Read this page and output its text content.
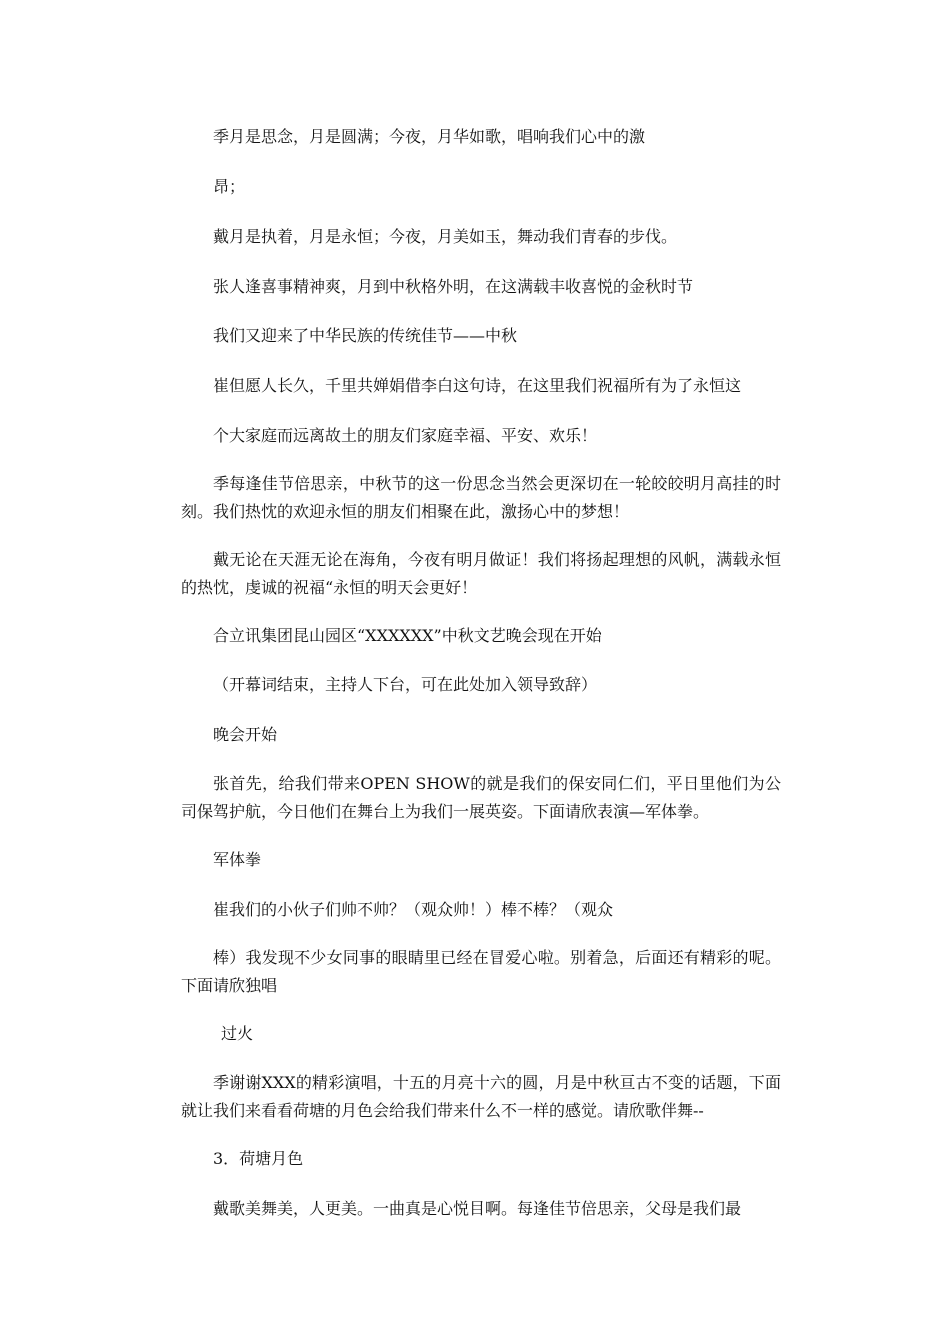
季月是思念，月是圆满；今夜，月华如歌，唱响我们心中的激

昂；

戴月是执着，月是永恒；今夜，月美如玉，舞动我们青春的步伐。

张人逢喜事精神爽，月到中秋格外明，在这满载丰收喜悦的金秋时节

我们又迎来了中华民族的传统佳节——中秋

崔但愿人长久，千里共婵娟借李白这句诗，在这里我们祝福所有为了永恒这

个大家庭而远离故土的朋友们家庭幸福、平安、欢乐！

季每逢佳节倍思亲，中秋节的这一份思念当然会更深切在一轮皎皎明月高挂的时刻。我们热忱的欢迎永恒的朋友们相聚在此，激扬心中的梦想！

戴无论在天涯无论在海角，今夜有明月做证！我们将扬起理想的风帆，满载永恒的热忱，虔诚的祝福“永恒的明天会更好！

合立讯集团昆山园区“XXXXXX”中秋文艺晚会现在开始

（开幕词结束，主持人下台，可在此处加入领导致辞）

晚会开始

张首先，给我们带来OPEN SHOW的就是我们的保安同仁们，平日里他们为公司保驾护航，今日他们在舞台上为我们一展英姿。下面请欣表演—军体拳。

军体拳

崔我们的小伙子们帅不帅？（观众帅！）棒不棒？（观众

棒）我发现不少女同事的眼睛里已经在冒爱心啦。别着急，后面还有精彩的呢。下面请欣独唱

过火

季谢谢XXX的精彩演唱，十五的月亮十六的圆，月是中秋亘古不变的话题，下面就让我们来看看荷塘的月色会给我们带来什么不一样的感觉。请欣歌伴舞--

3．荷塘月色

戴歌美舞美，人更美。一曲真是心悦目啊。每逢佳节倍思亲，父母是我们最
